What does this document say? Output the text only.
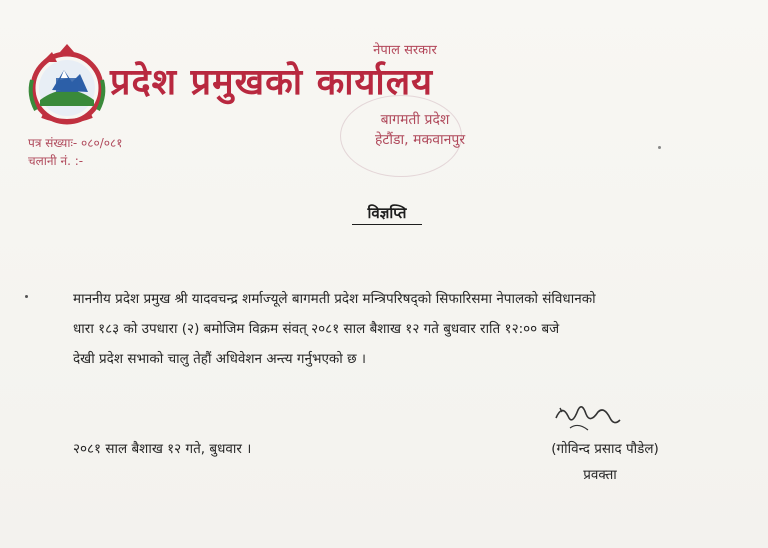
नेपाल सरकार
प्रदेश प्रमुखको कार्यालय
बागमती प्रदेश
हेटौंडा, मकवानपुर
पत्र संख्याः- ०८०/०८१
चलानी नं. :-
विज्ञप्ति

माननीय प्रदेश प्रमुख श्री यादवचन्द्र शर्माज्यूले बागमती प्रदेश मन्त्रिपरिषद्को सिफारिसमा नेपालको संविधानको

धारा १८३ को उपधारा (२) बमोजिम विक्रम संवत् २०८१ साल बैशाख १२ गते बुधवार राति १२:०० बजे

देखी प्रदेश सभाको चालु तेहौं अधिवेशन अन्त्य गर्नुभएको छ ।

२०८१ साल बैशाख १२ गते, बुधवार ।	(गोविन्द प्रसाद पौडेल)
प्रवक्ता
